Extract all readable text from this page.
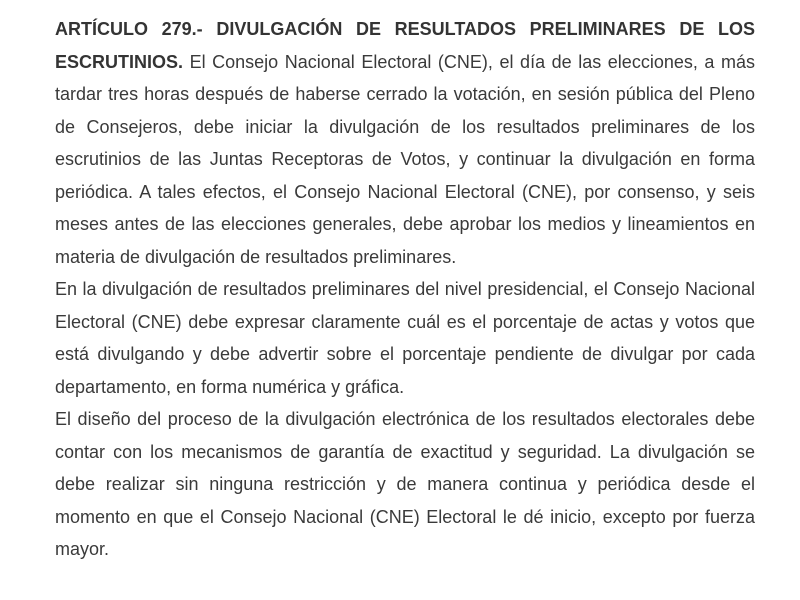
ARTÍCULO 279.- DIVULGACIÓN DE RESULTADOS PRELIMINARES DE LOS ESCRUTINIOS. El Consejo Nacional Electoral (CNE), el día de las elecciones, a más tardar tres horas después de haberse cerrado la votación, en sesión pública del Pleno de Consejeros, debe iniciar la divulgación de los resultados preliminares de los escrutinios de las Juntas Receptoras de Votos, y continuar la divulgación en forma periódica. A tales efectos, el Consejo Nacional Electoral (CNE), por consenso, y seis meses antes de las elecciones generales, debe aprobar los medios y lineamientos en materia de divulgación de resultados preliminares.

En la divulgación de resultados preliminares del nivel presidencial, el Consejo Nacional Electoral (CNE) debe expresar claramente cuál es el porcentaje de actas y votos que está divulgando y debe advertir sobre el porcentaje pendiente de divulgar por cada departamento, en forma numérica y gráfica.

El diseño del proceso de la divulgación electrónica de los resultados electorales debe contar con los mecanismos de garantía de exactitud y seguridad. La divulgación se debe realizar sin ninguna restricción y de manera continua y periódica desde el momento en que el Consejo Nacional (CNE) Electoral le dé inicio, excepto por fuerza mayor.
